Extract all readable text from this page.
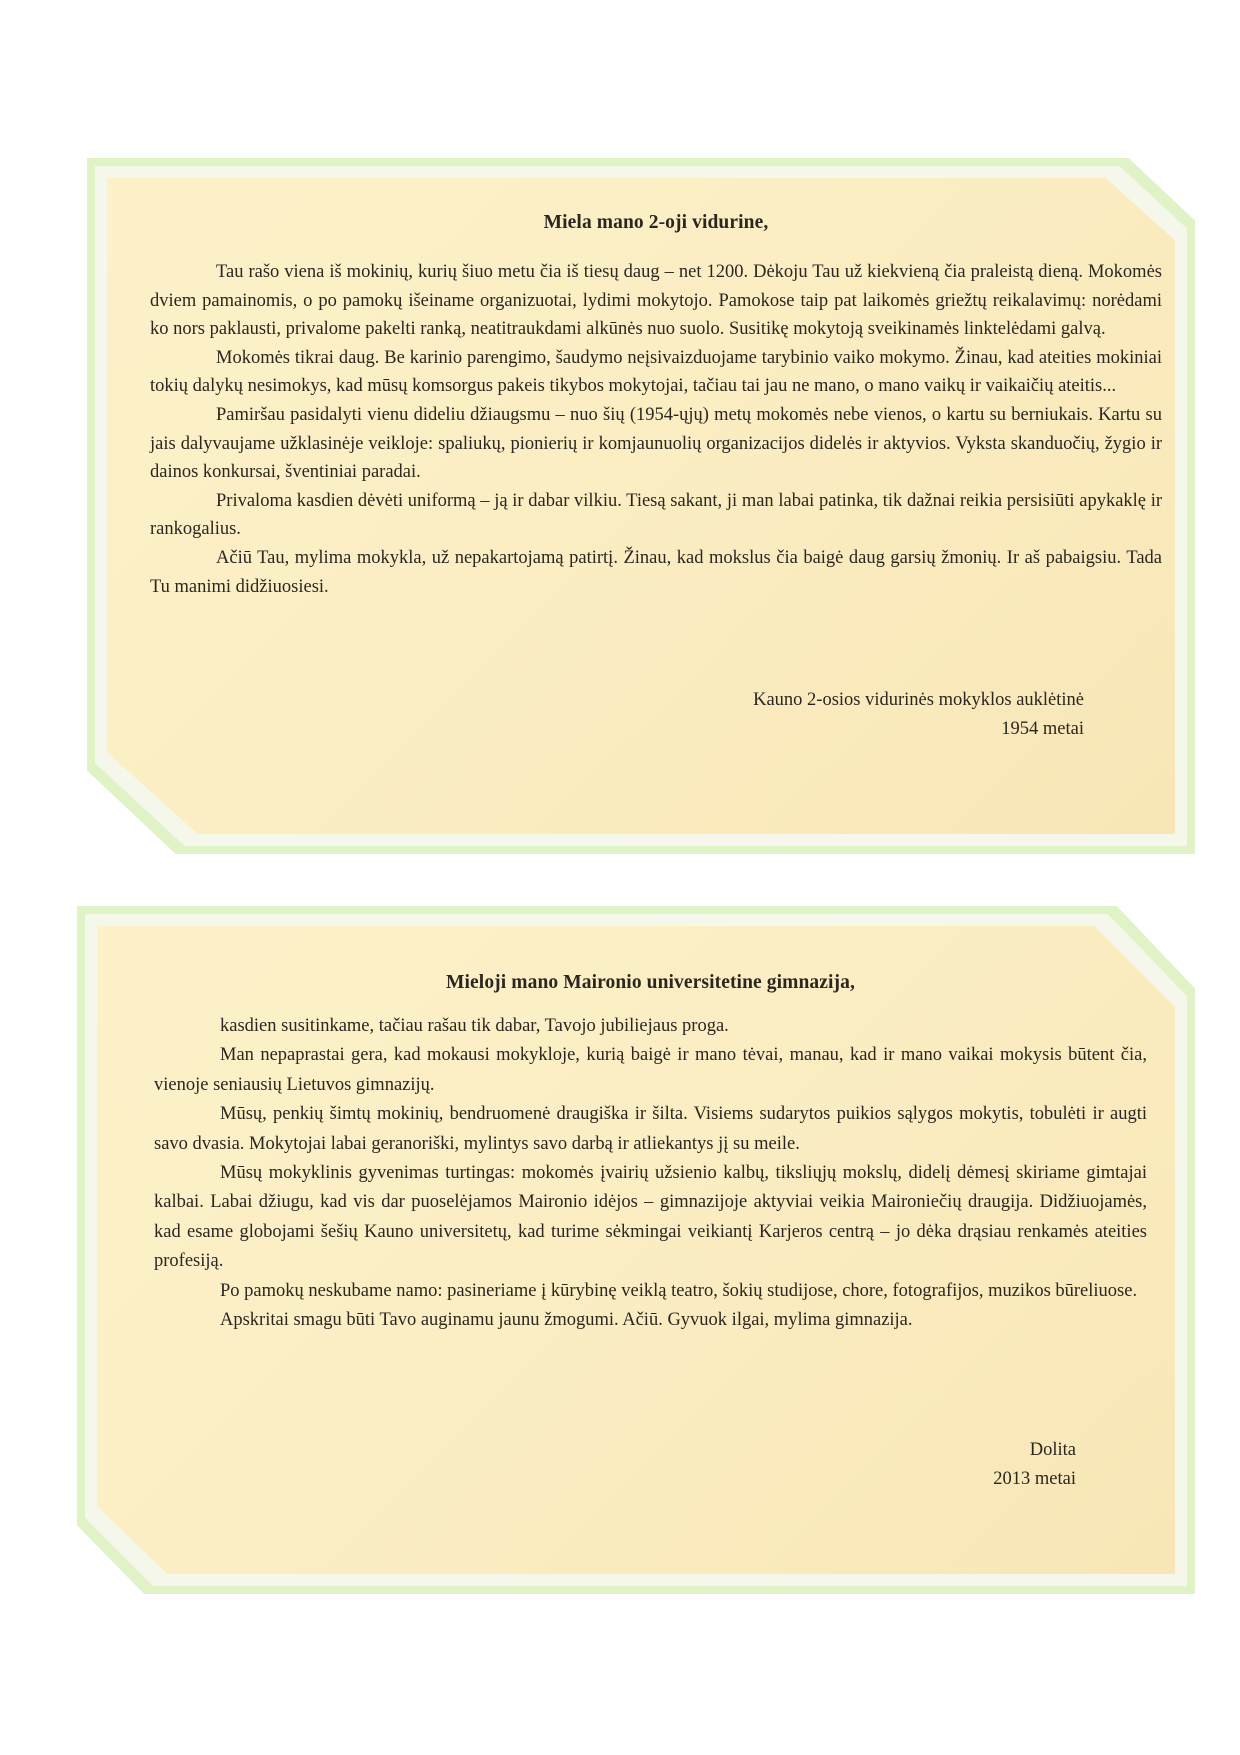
Miela mano 2-oji vidurine,

Tau rašo viena iš mokinių, kurių šiuo metu čia iš tiesų daug – net 1200. Dėkoju Tau už kiekvieną čia praleistą dieną. Mokomės dviem pamainomis, o po pamokų išeiname organizuotai, lydimi mokytojo. Pamokose taip pat laikomės griežtų reikalavimų: norėdami ko nors paklausti, privalome pakelti ranką, neatitraukdami alkūnės nuo suolo. Susitikę mokytoją sveikinamės linktelėdami galvą.

Mokomės tikrai daug. Be karinio parengimo, šaudymo neįsivaizduojame tarybinio vaiko mokymo. Žinau, kad ateities mokiniai tokių dalykų nesimokys, kad mūsų komsorgus pakeis tikybos mokytojai, tačiau tai jau ne mano, o mano vaikų ir vaikaičių ateitis...

Pamiršau pasidalyti vienu dideliu džiaugsmu – nuo šių (1954-ųjų) metų mokomės nebe vienos, o kartu su berniukais. Kartu su jais dalyvaujame užklasinėje veikloje: spaliukų, pionierių ir komjaunuolių organizacijos didelės ir aktyvios. Vyksta skanduočių, žygio ir dainos konkursai, šventiniai paradai.

Privaloma kasdien dėvėti uniformą – ją ir dabar vilkiu. Tiesą sakant, ji man labai patinka, tik dažnai reikia persisiūti apykaklę ir rankogalius.

Ačiū Tau, mylima mokykla, už nepakartojamą patirtį. Žinau, kad mokslus čia baigė daug garsių žmonių. Ir aš pabaigsiu. Tada Tu manimi didžiuosiesi.

Kauno 2-osios vidurinės mokyklos auklėtinė
1954 metai
Mieloji mano Maironio universitetine gimnazija,

kasdien susitinkame, tačiau rašau tik dabar, Tavojo jubiliejaus proga.

Man nepaprastai gera, kad mokausi mokykloje, kurią baigė ir mano tėvai, manau, kad ir mano vaikai mokysis būtent čia, vienoje seniausių Lietuvos gimnazijų.

Mūsų, penkių šimtų mokinių, bendruomenė draugiška ir šilta. Visiems sudarytos puikios sąlygos mokytis, tobulėti ir augti savo dvasia. Mokytojai labai geranoriški, mylintys savo darbą ir atliekantys jį su meile.

Mūsų mokyklinis gyvenimas turtingas: mokomės įvairių užsienio kalbų, tiksliųjų mokslų, didelį dėmesį skiriame gimtajai kalbai. Labai džiugu, kad vis dar puoselėjamos Maironio idėjos – gimnazijoje aktyviai veikia Maironiečių draugija. Didžiuojamės, kad esame globojami šešių Kauno universitetų, kad turime sėkmingai veikiantį Karjeros centrą – jo dėka drąsiau renkamės ateities profesiją.

Po pamokų neskubame namo: pasineriame į kūrybinę veiklą teatro, šokių studijose, chore, fotografijos, muzikos būreliuose.

Apskritai smagu būti Tavo auginamu jaunu žmogumi. Ačiū. Gyvuok ilgai, mylima gimnazija.

Dolita
2013 metai
